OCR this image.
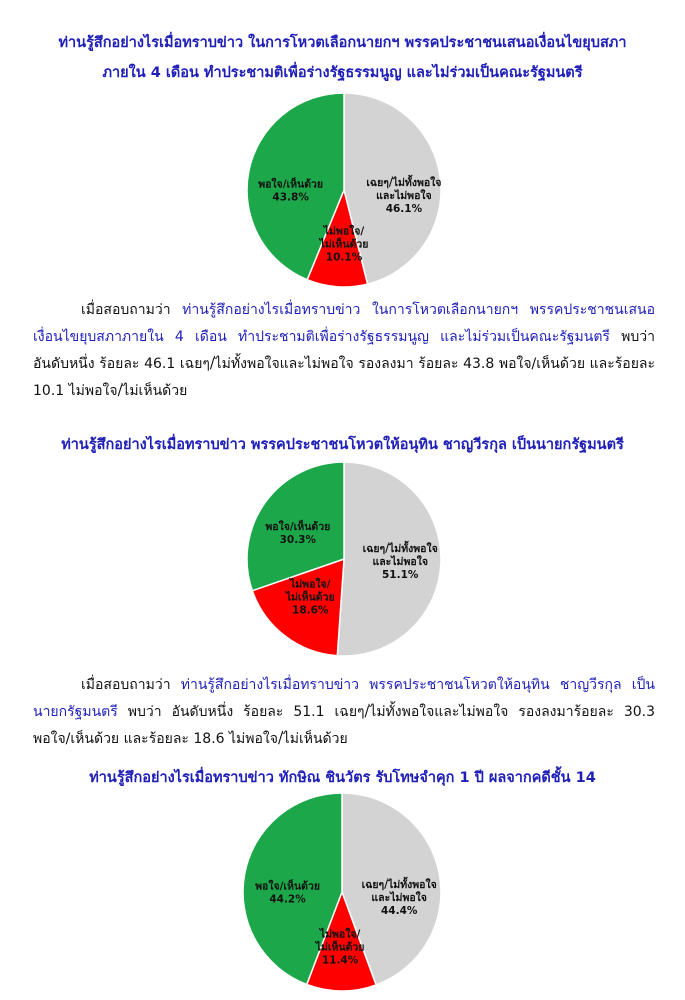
ท่านรู้สึกอย่างไรเมื่อทราบข่าว ในการโหวตเลือกนายกฯ พรรคประชาชนเสนอเงื่อนไขยุบสภา
ภายใน 4 เดือน ทำประชามติเพื่อร่างรัฐธรรมนูญ และไม่ร่วมเป็นคณะรัฐมนตรี
เฉยๆ/ไม่ทั้งพอใจ
และไม่พอใจ
46.1%
ไม่พอใจ/
ไม่เห็นด้วย
10.1%
พอใจ/เห็นด้วย
43.8%
เมื่อสอบถามว่า ท่านรู้สึกอย่างไรเมื่อทราบข่าว ในการโหวตเลือกนายกฯ พรรคประชาชนเสนอเงื่อนไขยุบสภาภายใน 4 เดือน ทำประชามติเพื่อร่างรัฐธรรมนูญ และไม่ร่วมเป็นคณะรัฐมนตรี พบว่า อันดับหนึ่ง ร้อยละ 46.1 เฉยๆ/ไม่ทั้งพอใจและไม่พอใจ รองลงมา ร้อยละ 43.8 พอใจ/เห็นด้วย และร้อยละ 10.1 ไม่พอใจ/ไม่เห็นด้วย
ท่านรู้สึกอย่างไรเมื่อทราบข่าว พรรคประชาชนโหวตให้อนุทิน ชาญวีรกุล เป็นนายกรัฐมนตรี
เฉยๆ/ไม่ทั้งพอใจ
และไม่พอใจ
51.1%
ไม่พอใจ/
ไม่เห็นด้วย
18.6%
พอใจ/เห็นด้วย
30.3%
เมื่อสอบถามว่า ท่านรู้สึกอย่างไรเมื่อทราบข่าว พรรคประชาชนโหวตให้อนุทิน ชาญวีรกุล เป็นนายกรัฐมนตรี พบว่า อันดับหนึ่ง ร้อยละ 51.1 เฉยๆ/ไม่ทั้งพอใจและไม่พอใจ รองลงมาร้อยละ 30.3 พอใจ/เห็นด้วย และร้อยละ 18.6 ไม่พอใจ/ไม่เห็นด้วย
ท่านรู้สึกอย่างไรเมื่อทราบข่าว ทักษิณ ชินวัตร รับโทษจำคุก 1 ปี ผลจากคดีชั้น 14
เฉยๆ/ไม่ทั้งพอใจ
และไม่พอใจ
44.4%
ไม่พอใจ/
ไม่เห็นด้วย
11.4%
พอใจ/เห็นด้วย
44.2%
